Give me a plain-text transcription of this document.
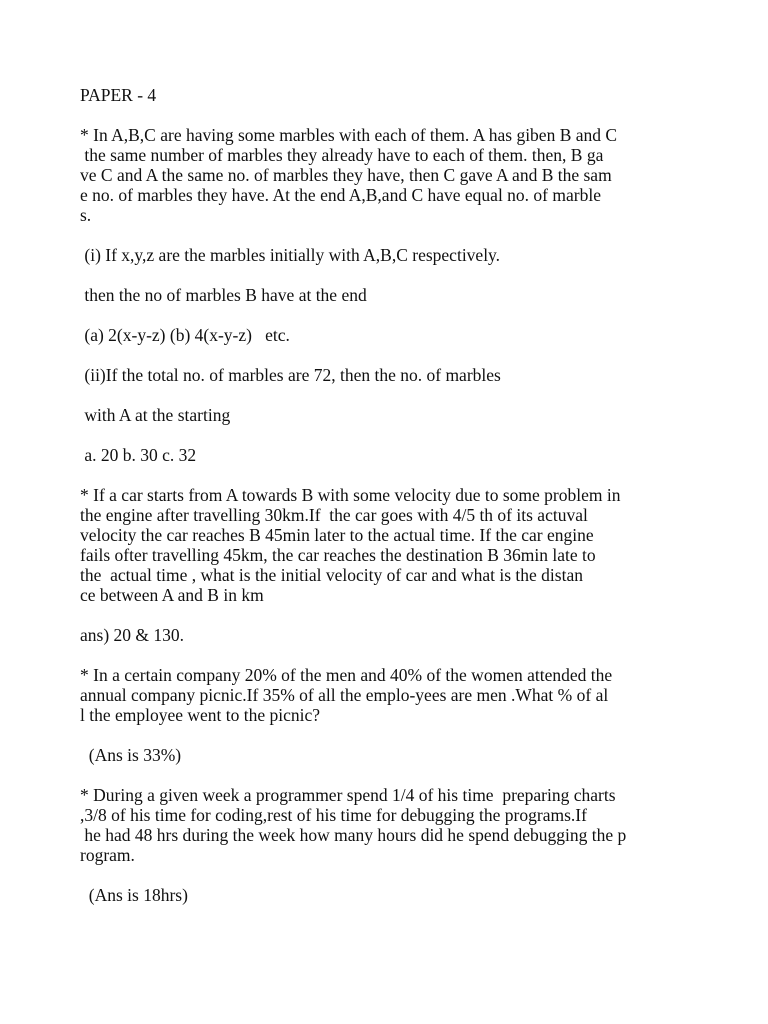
PAPER - 4
* In A,B,C are having some marbles with each of them. A has giben B and C
the same number of marbles they already have to each of them. then, B ga
ve C and A the same no. of marbles they have, then C gave A and B the sam
e no. of marbles they have. At the end A,B,and C have equal no. of marble
s.
(i) If x,y,z are the marbles initially with A,B,C respectively.
then the no of marbles B have at the end
(a) 2(x-y-z) (b) 4(x-y-z)   etc.
(ii)If the total no. of marbles are 72, then the no. of marbles
with A at the starting
a. 20 b. 30 c. 32
* If a car starts from A towards B with some velocity due to some problem in
the engine after travelling 30km.If  the car goes with 4/5 th of its actuval
velocity the car reaches B 45min later to the actual time. If the car engine
fails ofter travelling 45km, the car reaches the destination B 36min late to
the  actual time , what is the initial velocity of car and what is the distan
ce between A and B in km
ans) 20 & 130.
* In a certain company 20% of the men and 40% of the women attended the
annual company picnic.If 35% of all the emplo-yees are men .What % of al
l the employee went to the picnic?
(Ans is 33%)
* During a given week a programmer spend 1/4 of his time  preparing charts
,3/8 of his time for coding,rest of his time for debugging the programs.If
he had 48 hrs during the week how many hours did he spend debugging the p
rogram.
(Ans is 18hrs)
